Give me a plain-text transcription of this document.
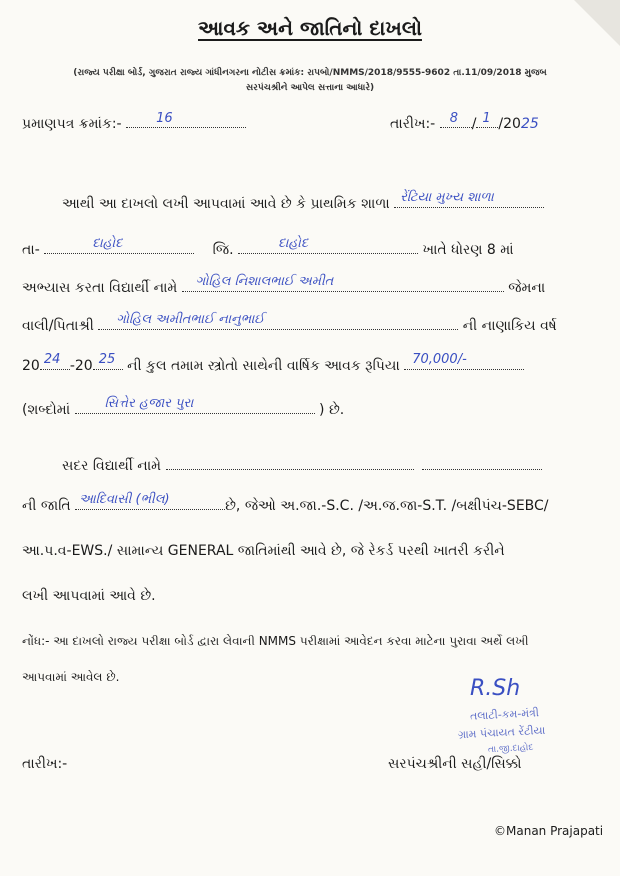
આવક અને જાતિનો દાખલો
(રાજ્ય પરીક્ષા બોર્ડ, ગુજરાત રાજ્ય ગાંધીનગરના નોટીસ ક્રમાંક: રાપબો/NMMS/2018/9555-9602 તા.11/09/2018 મુજબ
સરપંચશ્રીને આપેલ સત્તાના આધારે)
પ્રમાણપત્ર ક્રમાંક:-	16	તારીખ:- 8 / 1 /2025
આથી આ દાખલો લખી આપવામાં આવે છે કે પ્રાથમિક શાળા રેંટિયા મુખ્ય શાળા
તા-	દાહોદ	જિ.	દાહોદ	ખાતે ધોરણ 8 માં
અભ્યાસ કરતા વિદ્યાર્થી નામે ગોહિલ નિશાલભાઈ અમીત	જેમના
વાલી/પિતાશ્રી ગોહિલ અમીતભાઈ નાનુભાઈ	ની નાણાકિય વર્ષ
20 24 -20 25 ની કુલ તમામ સ્ત્રોતો સાથેની વાર્ષિક આવક રૂપિયા 70,000/-
(શબ્દોમાં	સિત્તેર હજાર પુરા	) છે.
સદર વિદ્યાર્થી નામે
ની જાતિ આદિવાસી (ભીલ)	છે, જેઓ અ.જા.-S.C. /અ.જ.જા-S.T. /બક્ષીપંચ-SEBC/
આ.પ.વ-EWS./ સામાન્ય GENERAL જાતિમાંથી આવે છે, જે રેકર્ડ પરથી ખાતરી કરીને
લખી આપવામાં આવે છે.
નોંધ:- આ દાખલો રાજ્ય પરીક્ષા બોર્ડ દ્વારા લેવાની NMMS પરીક્ષામાં આવેદન કરવા માટેના પુરાવા અર્થે લખી
આપવામાં આવેલ છે.	R.Sh
તલાટી-કમ-મંત્રી
ગ્રામ પંચાયત રેંટીયા
તા.જી.દાહોદ
તારીખ:-	સરપંચશ્રીની સહી/સિક્કો
©Manan Prajapati
